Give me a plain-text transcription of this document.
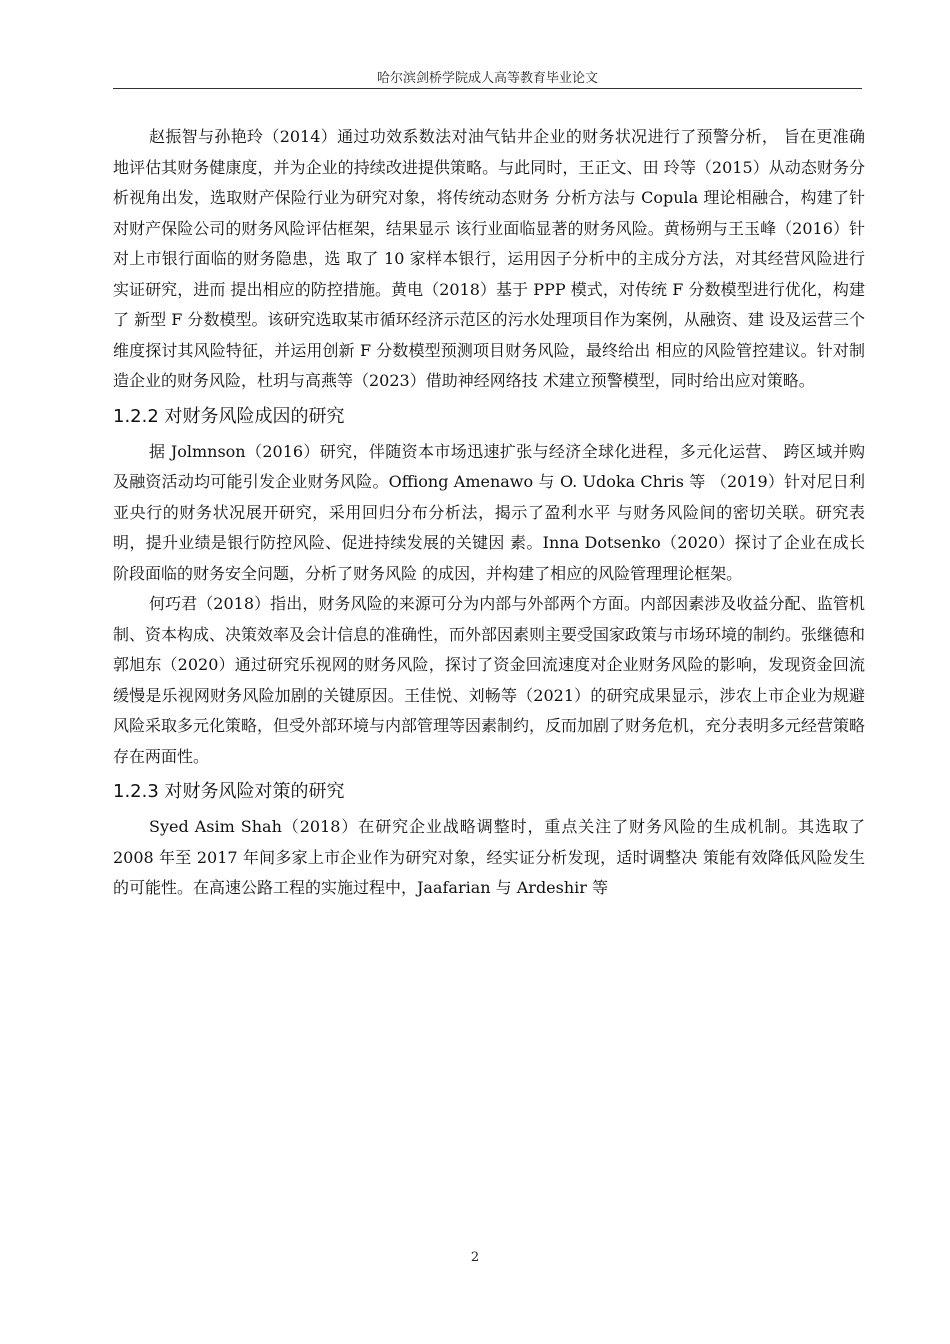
哈尔滨剑桥学院成人高等教育毕业论文

赵振智与孙艳玲（2014）通过功效系数法对油气钻井企业的财务状况进行了预警分析， 旨在更准确地评估其财务健康度，并为企业的持续改进提供策略。与此同时，王正文、田 玲等（2015）从动态财务分析视角出发，选取财产保险行业为研究对象，将传统动态财务 分析方法与 Copula 理论相融合，构建了针对财产保险公司的财务风险评估框架，结果显示 该行业面临显著的财务风险。黄杨朔与王玉峰（2016）针对上市银行面临的财务隐患，选 取了 10 家样本银行，运用因子分析中的主成分方法，对其经营风险进行实证研究，进而 提出相应的防控措施。黄电（2018）基于 PPP 模式，对传统 F 分数模型进行优化，构建了 新型 F 分数模型。该研究选取某市循环经济示范区的污水处理项目作为案例，从融资、建 设及运营三个维度探讨其风险特征，并运用创新 F 分数模型预测项目财务风险，最终给出 相应的风险管控建议。针对制造企业的财务风险，杜玥与高燕等（2023）借助神经网络技 术建立预警模型，同时给出应对策略。

1.2.2 对财务风险成因的研究

据 Jolmnson（2016）研究，伴随资本市场迅速扩张与经济全球化进程，多元化运营、 跨区域并购及融资活动均可能引发企业财务风险。Offiong Amenawo 与 O. Udoka Chris 等 （2019）针对尼日利亚央行的财务状况展开研究，采用回归分布分析法，揭示了盈利水平 与财务风险间的密切关联。研究表明，提升业绩是银行防控风险、促进持续发展的关键因 素。Inna Dotsenko（2020）探讨了企业在成长阶段面临的财务安全问题，分析了财务风险 的成因，并构建了相应的风险管理理论框架。

何巧君（2018）指出，财务风险的来源可分为内部与外部两个方面。内部因素涉及收益分配、监管机制、资本构成、决策效率及会计信息的准确性，而外部因素则主要受国家政策与市场环境的制约。张继德和郭旭东（2020）通过研究乐视网的财务风险，探讨了资金回流速度对企业财务风险的影响，发现资金回流缓慢是乐视网财务风险加剧的关键原因。王佳悦、刘畅等（2021）的研究成果显示，涉农上市企业为规避风险采取多元化策略，但受外部环境与内部管理等因素制约，反而加剧了财务危机，充分表明多元经营策略存在两面性。

1.2.3 对财务风险对策的研究

Syed Asim Shah（2018）在研究企业战略调整时，重点关注了财务风险的生成机制。其选取了 2008 年至 2017 年间多家上市企业作为研究对象，经实证分析发现，适时调整决 策能有效降低风险发生的可能性。在高速公路工程的实施过程中，Jaafarian 与 Ardeshir 等

2
